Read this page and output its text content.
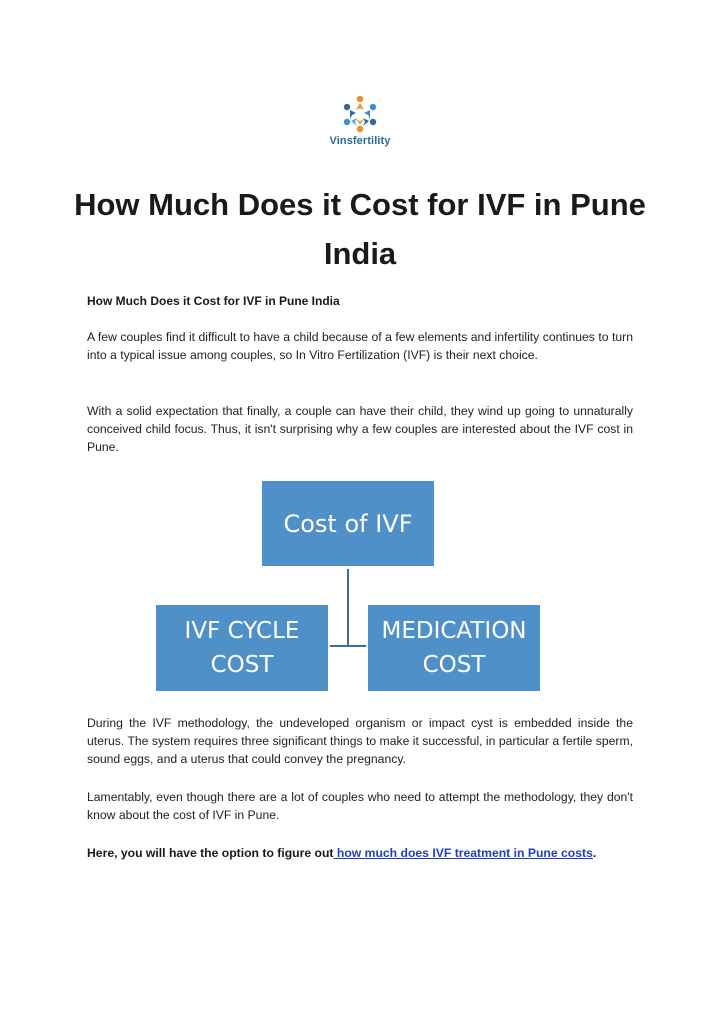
Vinsfertility
How Much Does it Cost for IVF in Pune India

How Much Does it Cost for IVF in Pune India

A few couples find it difficult to have a child because of a few elements and infertility continues to turn into a typical issue among couples, so In Vitro Fertilization (IVF) is their next choice.

With a solid expectation that finally, a couple can have their child, they wind up going to unnaturally conceived child focus. Thus, it isn't surprising why a few couples are interested about the IVF cost in Pune.

Cost of IVF
IVF CYCLE
COST
MEDICATION
COST

During the IVF methodology, the undeveloped organism or impact cyst is embedded inside the uterus. The system requires three significant things to make it successful, in particular a fertile sperm, sound eggs, and a uterus that could convey the pregnancy.

Lamentably, even though there are a lot of couples who need to attempt the methodology, they don't know about the cost of IVF in Pune.

Here, you will have the option to figure out how much does IVF treatment in Pune costs.
